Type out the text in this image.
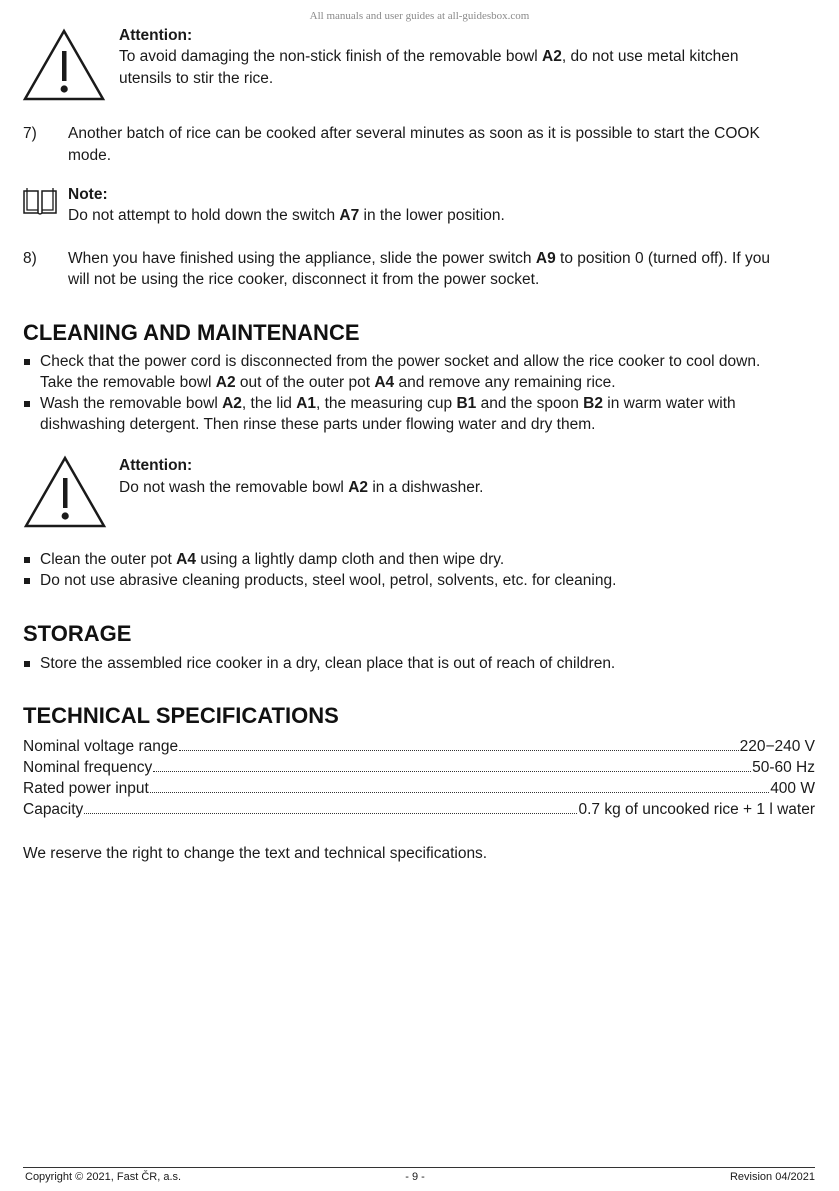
All manuals and user guides at all-guidesbox.com
Attention:
To avoid damaging the non-stick finish of the removable bowl A2, do not use metal kitchen
utensils to stir the rice.
7) Another batch of rice can be cooked after several minutes as soon as it is possible to start the COOK
mode.
Note:
Do not attempt to hold down the switch A7 in the lower position.
8) When you have finished using the appliance, slide the power switch A9 to position 0 (turned off). If you
will not be using the rice cooker, disconnect it from the power socket.
CLEANING AND MAINTENANCE
Check that the power cord is disconnected from the power socket and allow the rice cooker to cool down.
Take the removable bowl A2 out of the outer pot A4 and remove any remaining rice.
Wash the removable bowl A2, the lid A1, the measuring cup B1 and the spoon B2 in warm water with
dishwashing detergent. Then rinse these parts under flowing water and dry them.
Attention:
Do not wash the removable bowl A2 in a dishwasher.
Clean the outer pot A4 using a lightly damp cloth and then wipe dry.
Do not use abrasive cleaning products, steel wool, petrol, solvents, etc. for cleaning.
STORAGE
Store the assembled rice cooker in a dry, clean place that is out of reach of children.
TECHNICAL SPECIFICATIONS
Nominal voltage range	220−240 V
Nominal frequency	50-60 Hz
Rated power input	400 W
Capacity	0.7 kg of uncooked rice + 1 l water
We reserve the right to change the text and technical specifications.
Copyright © 2021, Fast ČR, a.s.	- 9 -	Revision 04/2021
